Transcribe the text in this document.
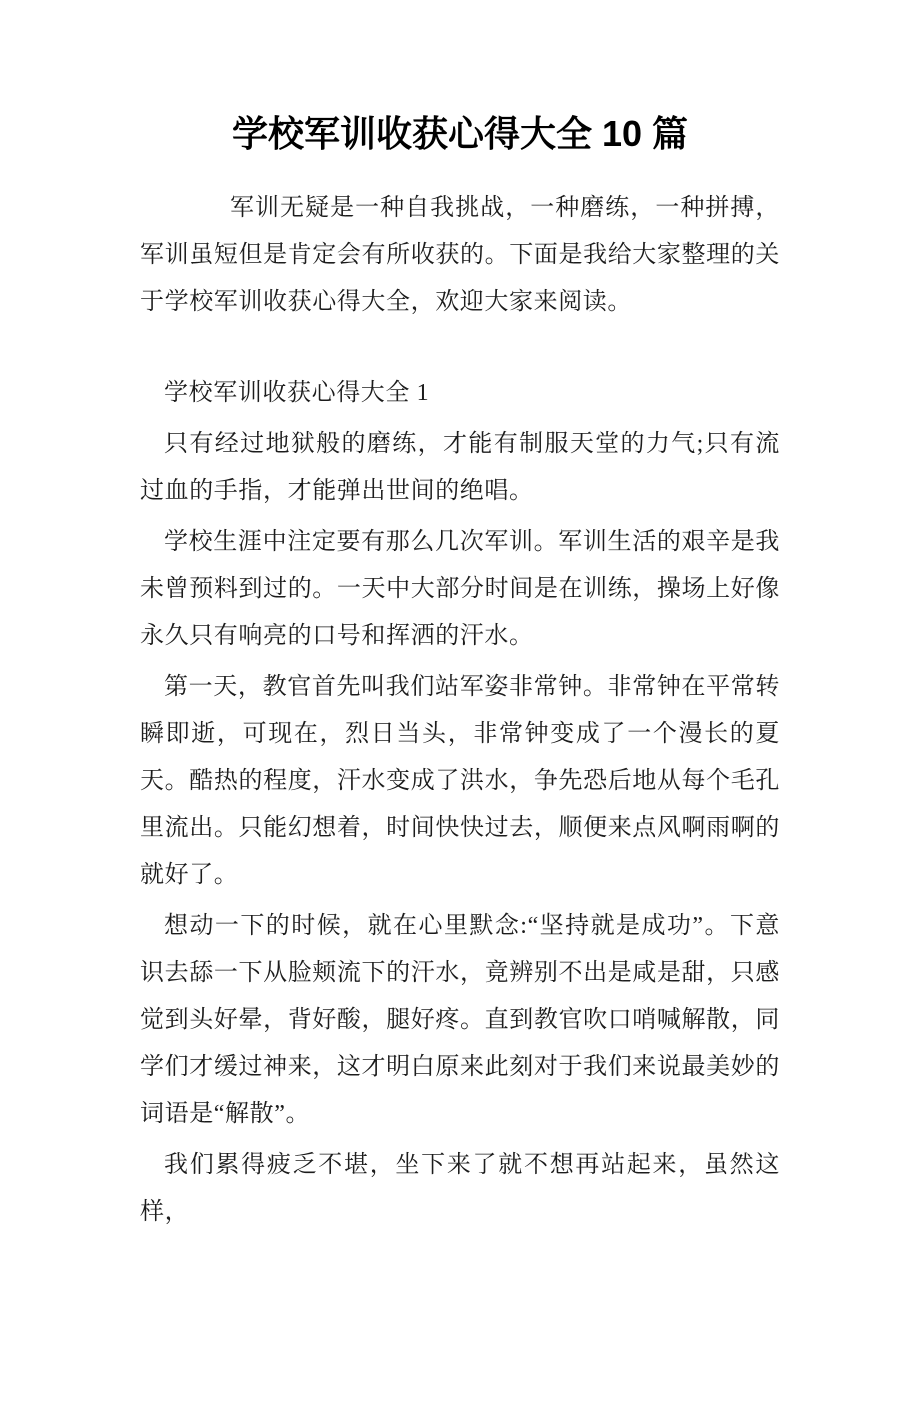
学校军训收获心得大全 10 篇

军训无疑是一种自我挑战，一种磨练，一种拼搏，军训虽短但是肯定会有所收获的。下面是我给大家整理的关于学校军训收获心得大全，欢迎大家来阅读。

学校军训收获心得大全 1

只有经过地狱般的磨练，才能有制服天堂的力气;只有流过血的手指，才能弹出世间的绝唱。

学校生涯中注定要有那么几次军训。军训生活的艰辛是我未曾预料到过的。一天中大部分时间是在训练，操场上好像永久只有响亮的口号和挥洒的汗水。

第一天，教官首先叫我们站军姿非常钟。非常钟在平常转瞬即逝，可现在，烈日当头，非常钟变成了一个漫长的夏天。酷热的程度，汗水变成了洪水，争先恐后地从每个毛孔里流出。只能幻想着，时间快快过去，顺便来点风啊雨啊的就好了。

想动一下的时候，就在心里默念:“坚持就是成功”。下意识去舔一下从脸颊流下的汗水，竟辨别不出是咸是甜，只感觉到头好晕，背好酸，腿好疼。直到教官吹口哨喊解散，同学们才缓过神来，这才明白原来此刻对于我们来说最美妙的词语是“解散”。

我们累得疲乏不堪，坐下来了就不想再站起来，虽然这样，
